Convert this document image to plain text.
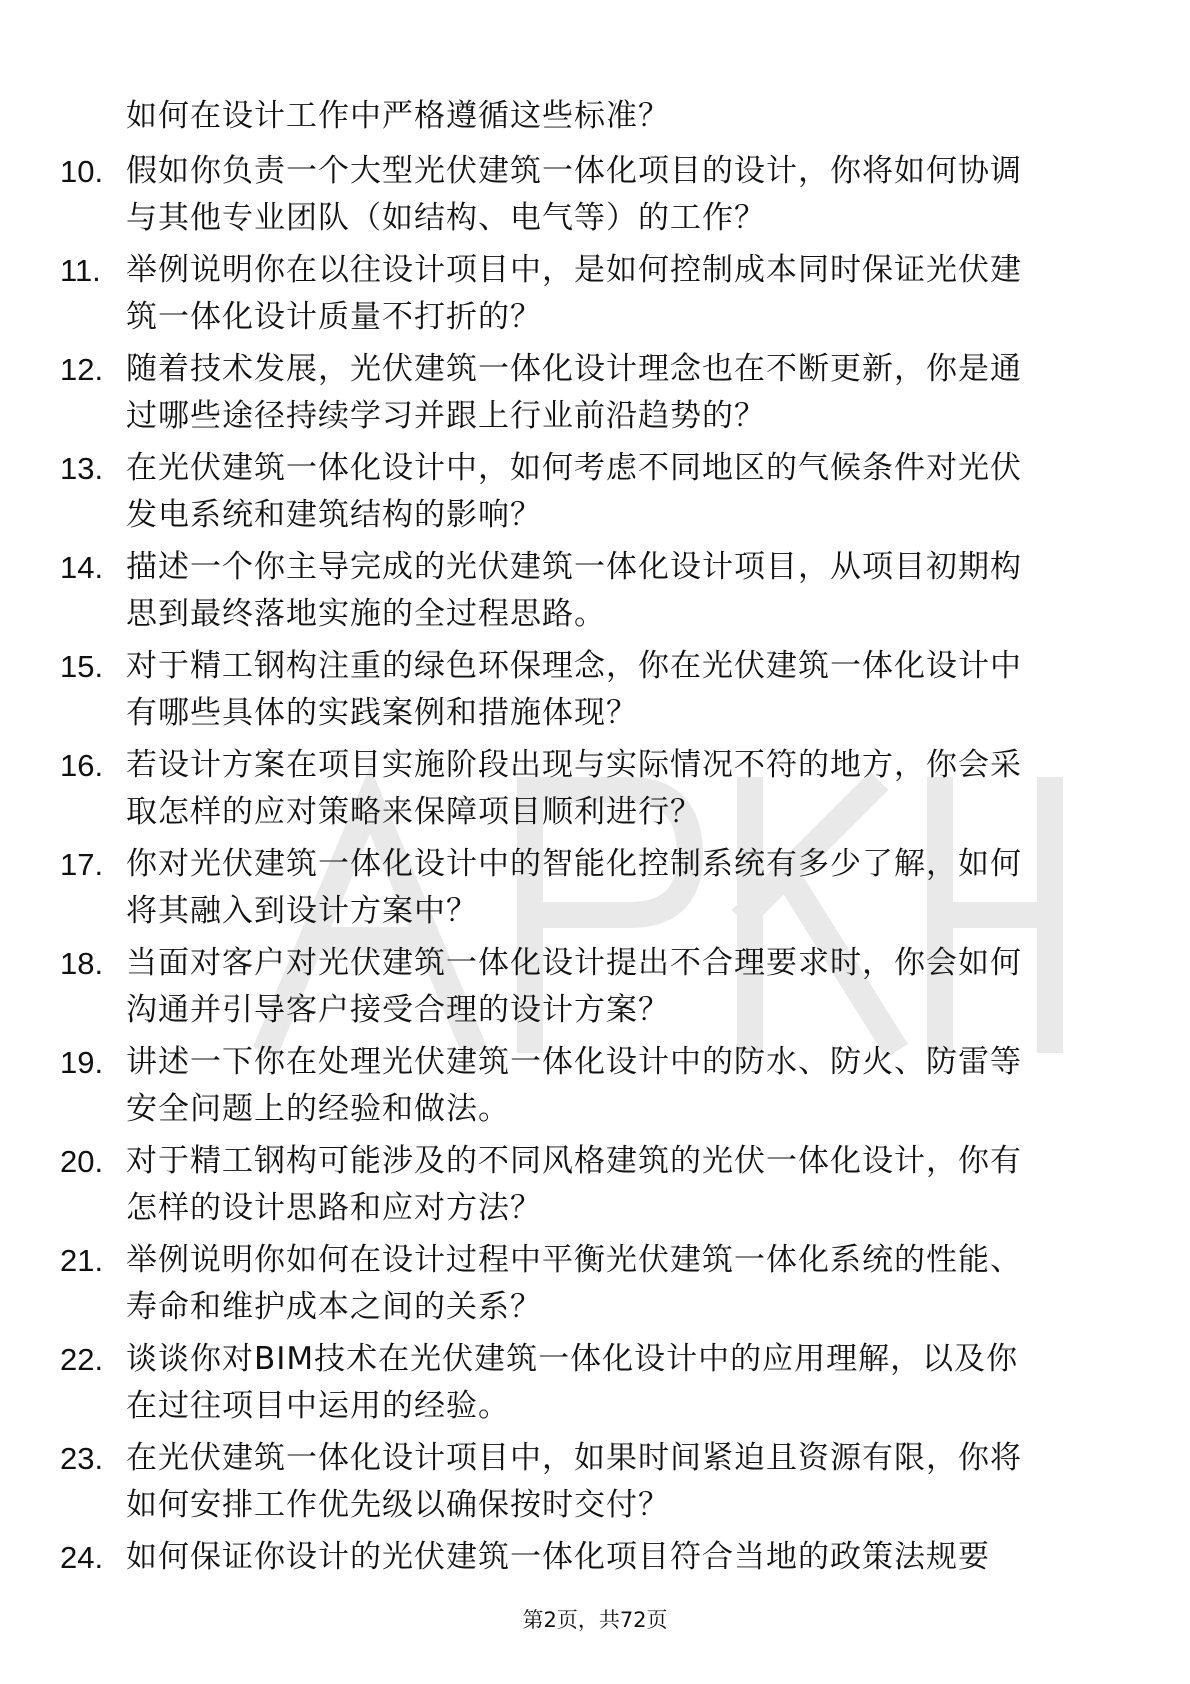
如何在设计工作中严格遵循这些标准？

10. 假如你负责一个大型光伏建筑一体化项目的设计，你将如何协调
与其他专业团队（如结构、电气等）的工作？
11. 举例说明你在以往设计项目中，是如何控制成本同时保证光伏建
筑一体化设计质量不打折的？
12. 随着技术发展，光伏建筑一体化设计理念也在不断更新，你是通
过哪些途径持续学习并跟上行业前沿趋势的？
13. 在光伏建筑一体化设计中，如何考虑不同地区的气候条件对光伏
发电系统和建筑结构的影响？
14. 描述一个你主导完成的光伏建筑一体化设计项目，从项目初期构
思到最终落地实施的全过程思路。
15. 对于精工钢构注重的绿色环保理念，你在光伏建筑一体化设计中
有哪些具体的实践案例和措施体现？
16. 若设计方案在项目实施阶段出现与实际情况不符的地方，你会采
取怎样的应对策略来保障项目顺利进行？
17. 你对光伏建筑一体化设计中的智能化控制系统有多少了解，如何
将其融入到设计方案中？
18. 当面对客户对光伏建筑一体化设计提出不合理要求时，你会如何
沟通并引导客户接受合理的设计方案？
19. 讲述一下你在处理光伏建筑一体化设计中的防水、防火、防雷等
安全问题上的经验和做法。
20. 对于精工钢构可能涉及的不同风格建筑的光伏一体化设计，你有
怎样的设计思路和应对方法？
21. 举例说明你如何在设计过程中平衡光伏建筑一体化系统的性能、
寿命和维护成本之间的关系？
22. 谈谈你对BIM技术在光伏建筑一体化设计中的应用理解，以及你
在过往项目中运用的经验。
23. 在光伏建筑一体化设计项目中，如果时间紧迫且资源有限，你将
如何安排工作优先级以确保按时交付？
24. 如何保证你设计的光伏建筑一体化项目符合当地的政策法规要
第2页，共72页
